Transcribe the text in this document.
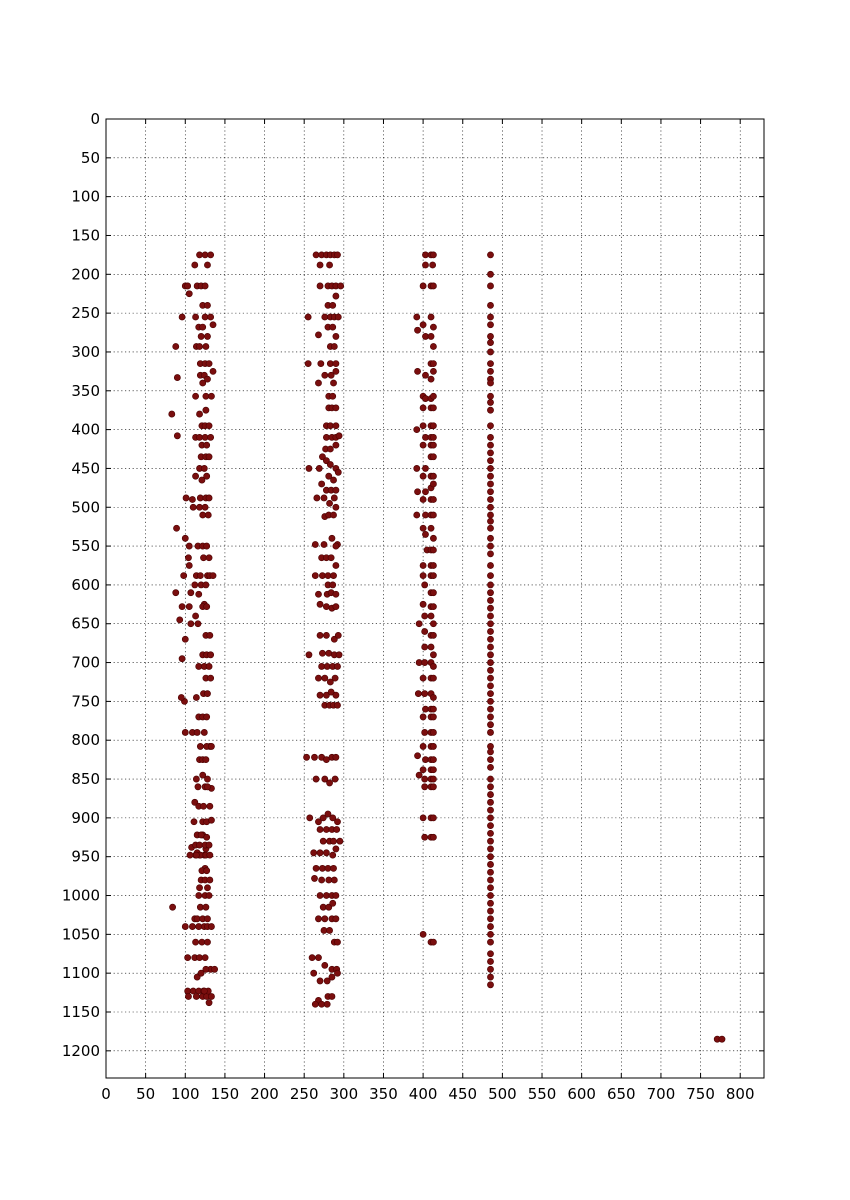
0 50 100 150 200 250 300 350 400 450 500 550 600 650 700 750 800
0
50
100
150
200
250
300
350
400
450
500
550
600
650
700
750
800
850
900
950
1000
1050
1100
1150
1200
